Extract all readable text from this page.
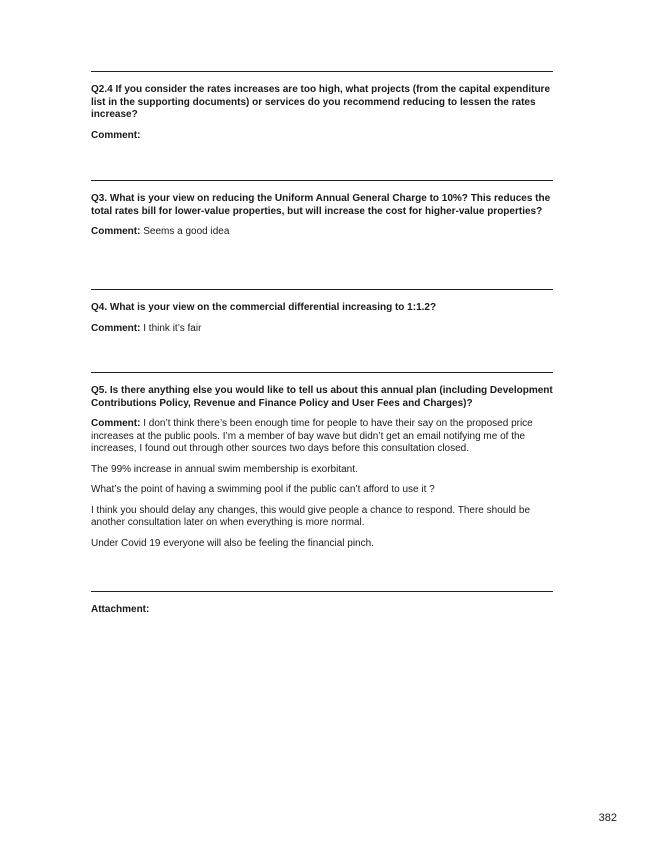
Q2.4 If you consider the rates increases are too high, what projects (from the capital expenditure list in the supporting documents) or services do you recommend reducing to lessen the rates increase?

Comment:

Q3. What is your view on reducing the Uniform Annual General Charge to 10%? This reduces the total rates bill for lower-value properties, but will increase the cost for higher-value properties?

Comment: Seems a good idea

Q4. What is your view on the commercial differential increasing to 1:1.2?

Comment: I think it’s fair

Q5. Is there anything else you would like to tell us about this annual plan (including Development Contributions Policy, Revenue and Finance Policy and User Fees and Charges)?

Comment: I don’t think there’s been enough time for people to have their say on the proposed price increases at the public pools. I’m a member of bay wave but didn’t get an email notifying me of the increases, I found out through other sources two days before this consultation closed.

The 99% increase in annual swim membership is exorbitant.

What’s the point of having a swimming pool if the public can’t afford to use it ?

I think you should delay any changes, this would give people a chance to respond. There should be another consultation later on when everything is more normal.

Under Covid 19 everyone will also be feeling the financial pinch.

Attachment:

382
